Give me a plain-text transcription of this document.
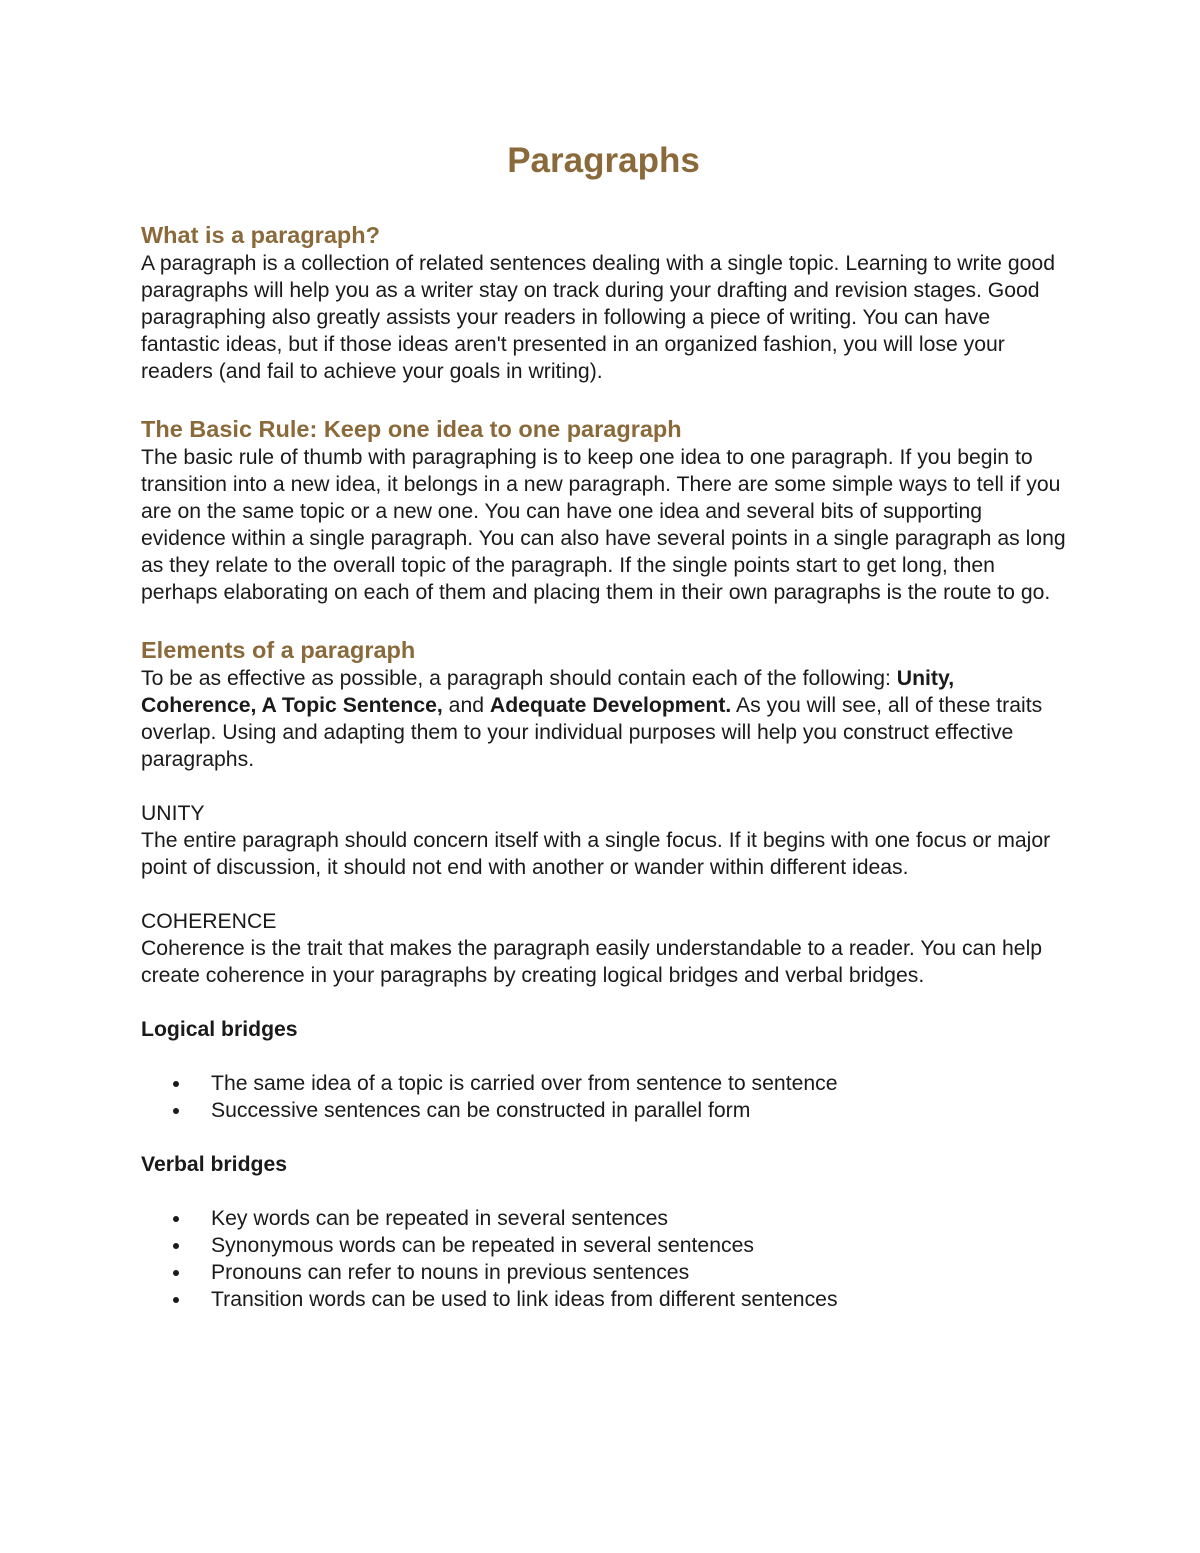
Paragraphs
What is a paragraph?

A paragraph is a collection of related sentences dealing with a single topic. Learning to write good paragraphs will help you as a writer stay on track during your drafting and revision stages. Good paragraphing also greatly assists your readers in following a piece of writing. You can have fantastic ideas, but if those ideas aren't presented in an organized fashion, you will lose your readers (and fail to achieve your goals in writing).

The Basic Rule: Keep one idea to one paragraph

The basic rule of thumb with paragraphing is to keep one idea to one paragraph. If you begin to transition into a new idea, it belongs in a new paragraph. There are some simple ways to tell if you are on the same topic or a new one. You can have one idea and several bits of supporting evidence within a single paragraph. You can also have several points in a single paragraph as long as they relate to the overall topic of the paragraph. If the single points start to get long, then perhaps elaborating on each of them and placing them in their own paragraphs is the route to go.

Elements of a paragraph

To be as effective as possible, a paragraph should contain each of the following: Unity, Coherence, A Topic Sentence, and Adequate Development. As you will see, all of these traits overlap. Using and adapting them to your individual purposes will help you construct effective paragraphs.

UNITY

The entire paragraph should concern itself with a single focus. If it begins with one focus or major point of discussion, it should not end with another or wander within different ideas.

COHERENCE

Coherence is the trait that makes the paragraph easily understandable to a reader. You can help create coherence in your paragraphs by creating logical bridges and verbal bridges.

Logical bridges

The same idea of a topic is carried over from sentence to sentence
Successive sentences can be constructed in parallel form

Verbal bridges

Key words can be repeated in several sentences
Synonymous words can be repeated in several sentences
Pronouns can refer to nouns in previous sentences
Transition words can be used to link ideas from different sentences
